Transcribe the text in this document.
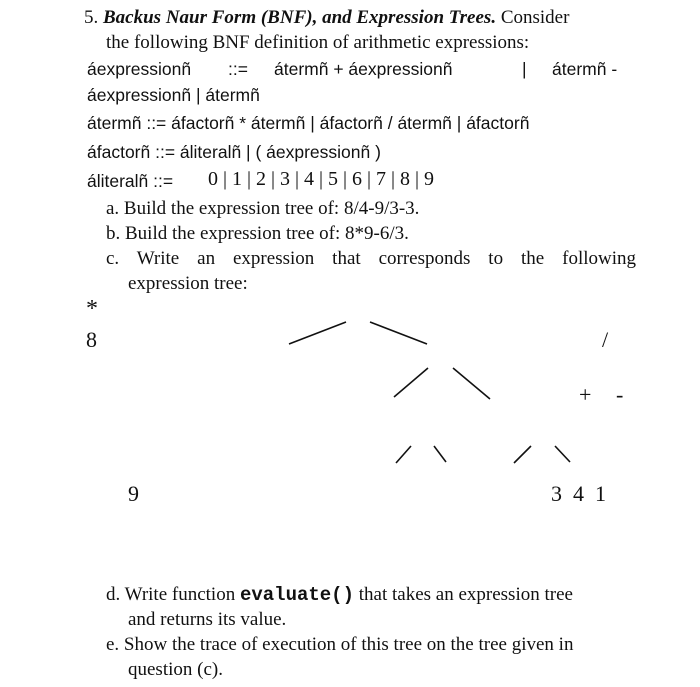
5. Backus Naur Form (BNF), and Expression Trees. Consider
the following BNF definition of arithmetic expressions:
áexpressionñ ::= átermñ + áexpressionñ	| átermñ -
áexpressionñ | átermñ
átermñ ::= áfactorñ * átermñ | áfactorñ / átermñ | áfactorñ
áfactorñ ::= áliteralñ | ( áexpressionñ )
áliteralñ ::= 0 | 1 | 2 | 3 | 4 | 5 | 6 | 7 | 8 | 9
a. Build the expression tree of: 8/4-9/3-3.
b. Build the expression tree of: 8*9-6/3.
c. Write an expression that corresponds to the following
expression tree:
*
8	/
+ -
9	3  4  1
d. Write function evaluate() that takes an expression tree
and returns its value.
e. Show the trace of execution of this tree on the tree given in
question (c).
